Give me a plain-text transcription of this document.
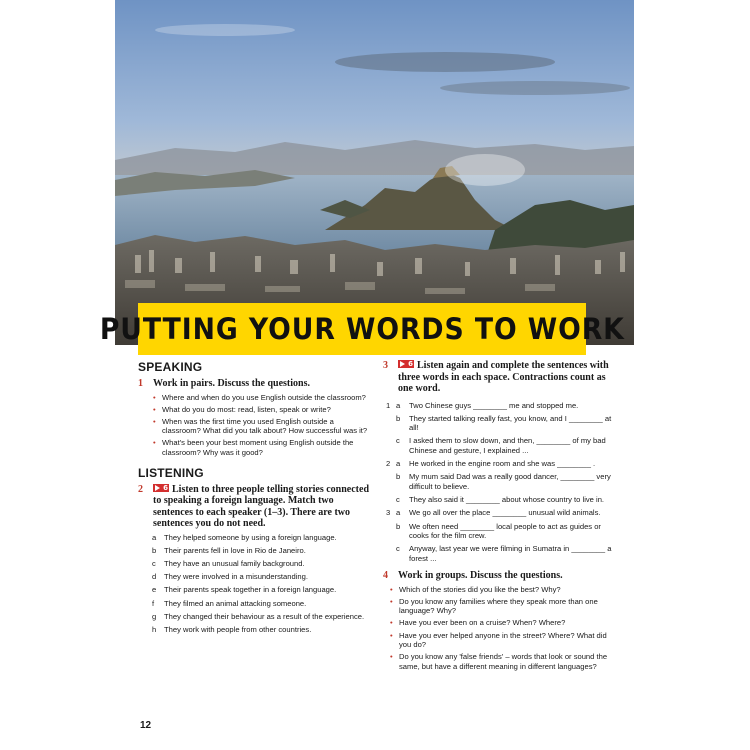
PUTTING YOUR WORDS TO WORK
SPEAKING
1 Work in pairs. Discuss the questions.
• Where and when do you use English outside the classroom?
• What do you do most: read, listen, speak or write?
• When was the first time you used English outside a classroom? What did you talk about? How successful was it?
• What's been your best moment using English outside the classroom? Why was it good?
LISTENING
2	6 Listen to three people telling stories connected to speaking a foreign language. Match two sentences to each speaker (1–3). There are two sentences you do not need.
a They helped someone by using a foreign language.
b Their parents fell in love in Rio de Janeiro.
c They have an unusual family background.
d They were involved in a misunderstanding.
e Their parents speak together in a foreign language.
f They filmed an animal attacking someone.
g They changed their behaviour as a result of the experience.
h They work with people from other countries.
3	6 Listen again and complete the sentences with three words in each space. Contractions count as one word.
1 a Two Chinese guys ________ me and stopped me.
b They started talking really fast, you know, and I ________ at all!
c I asked them to slow down, and then, ________ of my bad Chinese and gesture, I explained ...
2 a He worked in the engine room and she was ________ .
b My mum said Dad was a really good dancer, ________ very difficult to believe.
c They also said it ________ about whose country to live in.
3 a We go all over the place ________ unusual wild animals.
b We often need ________ local people to act as guides or cooks for the film crew.
c Anyway, last year we were filming in Sumatra in ________ a forest ...
4 Work in groups. Discuss the questions.
• Which of the stories did you like the best? Why?
• Do you know any families where they speak more than one language? Why?
• Have you ever been on a cruise? When? Where?
• Have you ever helped anyone in the street? Where? What did you do?
• Do you know any 'false friends' – words that look or sound the same, but have a different meaning in different languages?
12
